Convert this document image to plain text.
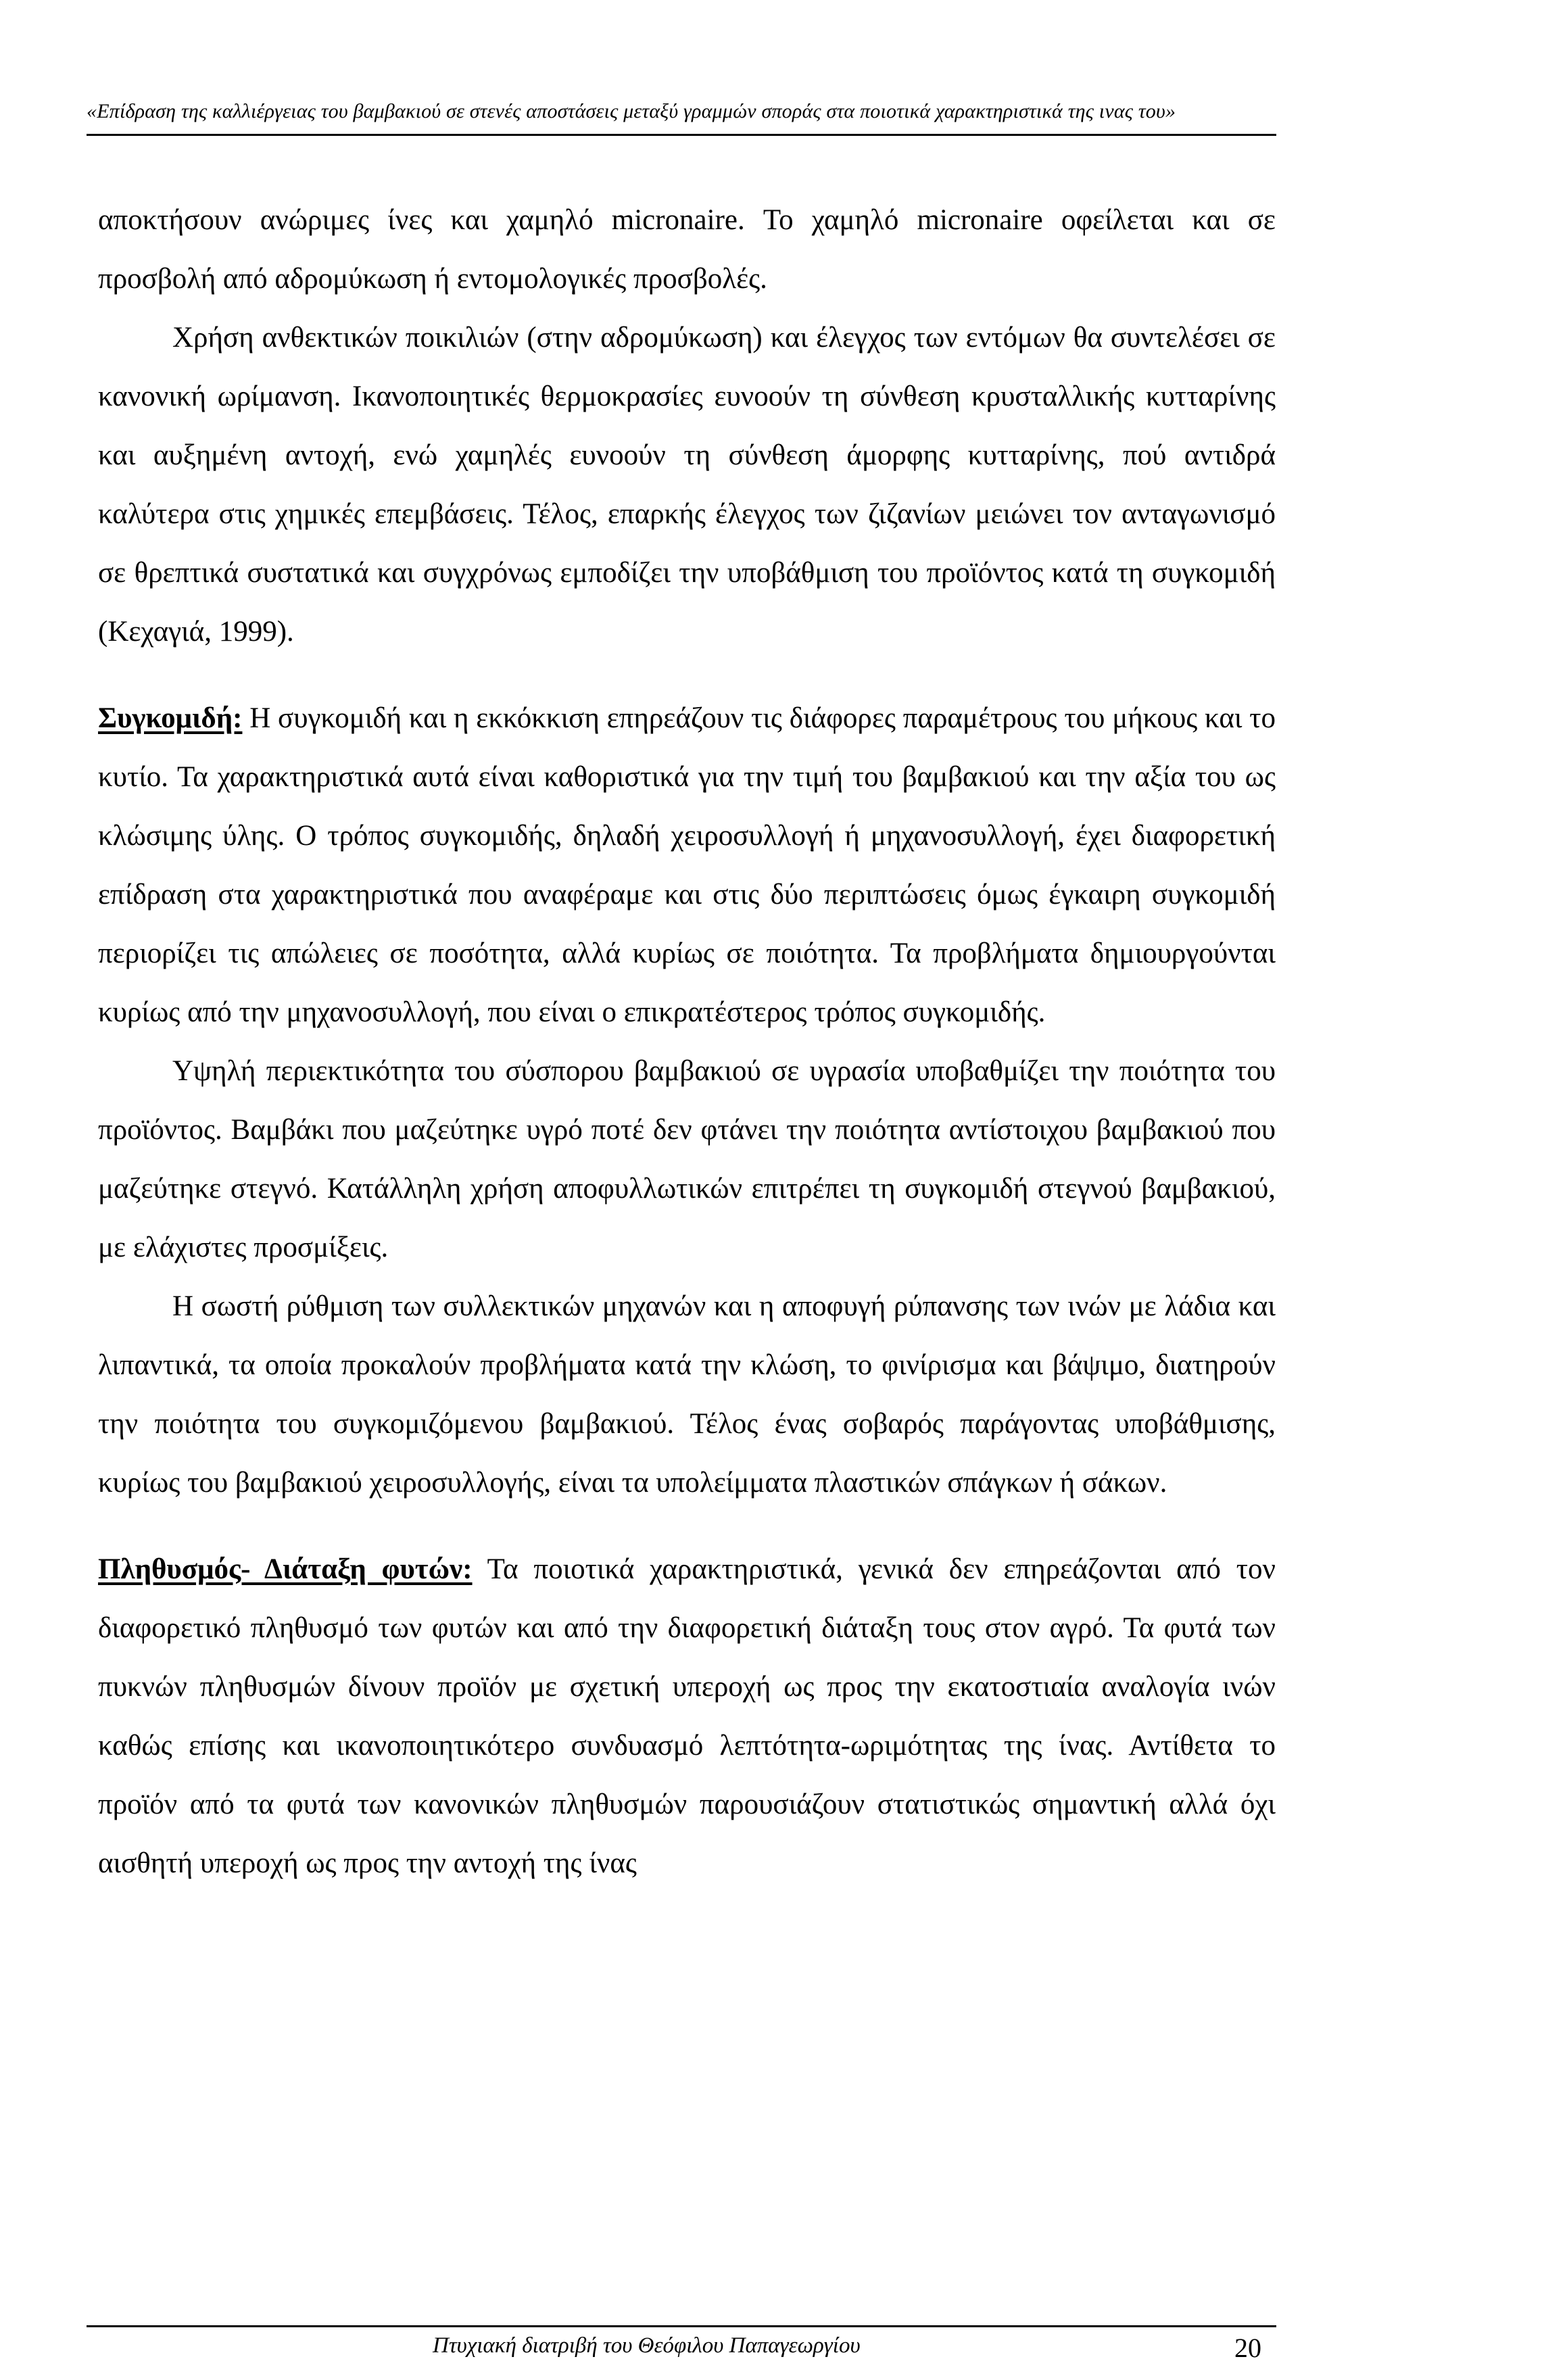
«Επίδραση της καλλιέργειας του βαμβακιού σε στενές αποστάσεις μεταξύ γραμμών σποράς στα ποιοτικά χαρακτηριστικά της ινας του»

αποκτήσουν ανώριμες ίνες και χαμηλό micronaire. Το χαμηλό micronaire οφείλεται και σε προσβολή από αδρομύκωση ή εντομολογικές προσβολές.

Χρήση ανθεκτικών ποικιλιών (στην αδρομύκωση) και έλεγχος των εντόμων θα συντελέσει σε κανονική ωρίμανση. Ικανοποιητικές θερμοκρασίες ευνοούν τη σύνθεση κρυσταλλικής κυτταρίνης και αυξημένη αντοχή, ενώ χαμηλές ευνοούν τη σύνθεση άμορφης κυτταρίνης, πού αντιδρά καλύτερα στις χημικές επεμβάσεις. Τέλος, επαρκής έλεγχος των ζιζανίων μειώνει τον ανταγωνισμό σε θρεπτικά συστατικά και συγχρόνως εμποδίζει την υποβάθμιση του προϊόντος κατά τη συγκομιδή (Κεχαγιά, 1999).

Συγκομιδή: Η συγκομιδή και η εκκόκκιση επηρεάζουν τις διάφορες παραμέτρους του μήκους και το κυτίο. Τα χαρακτηριστικά αυτά είναι καθοριστικά για την τιμή του βαμβακιού και την αξία του ως κλώσιμης ύλης. Ο τρόπος συγκομιδής, δηλαδή χειροσυλλογή ή μηχανοσυλλογή, έχει διαφορετική επίδραση στα χαρακτηριστικά που αναφέραμε και στις δύο περιπτώσεις όμως έγκαιρη συγκομιδή περιορίζει τις απώλειες σε ποσότητα, αλλά κυρίως σε ποιότητα. Τα προβλήματα δημιουργούνται κυρίως από την μηχανοσυλλογή, που είναι ο επικρατέστερος τρόπος συγκομιδής.

Υψηλή περιεκτικότητα του σύσπορου βαμβακιού σε υγρασία υποβαθμίζει την ποιότητα του προϊόντος. Βαμβάκι που μαζεύτηκε υγρό ποτέ δεν φτάνει την ποιότητα αντίστοιχου βαμβακιού που μαζεύτηκε στεγνό. Κατάλληλη χρήση αποφυλλωτικών επιτρέπει τη συγκομιδή στεγνού βαμβακιού, με ελάχιστες προσμίξεις.

Η σωστή ρύθμιση των συλλεκτικών μηχανών και η αποφυγή ρύπανσης των ινών με λάδια και λιπαντικά, τα οποία προκαλούν προβλήματα κατά την κλώση, το φινίρισμα και βάψιμο, διατηρούν την ποιότητα του συγκομιζόμενου βαμβακιού. Τέλος ένας σοβαρός παράγοντας υποβάθμισης, κυρίως του βαμβακιού χειροσυλλογής, είναι τα υπολείμματα πλαστικών σπάγκων ή σάκων.

Πληθυσμός- Διάταξη φυτών: Τα ποιοτικά χαρακτηριστικά, γενικά δεν επηρεάζονται από τον διαφορετικό πληθυσμό των φυτών και από την διαφορετική διάταξη τους στον αγρό. Τα φυτά των πυκνών πληθυσμών δίνουν προϊόν με σχετική υπεροχή ως προς την εκατοστιαία αναλογία ινών καθώς επίσης και ικανοποιητικότερο συνδυασμό λεπτότητα-ωριμότητας της ίνας. Αντίθετα το προϊόν από τα φυτά των κανονικών πληθυσμών παρουσιάζουν στατιστικώς σημαντική αλλά όχι αισθητή υπεροχή ως προς την αντοχή της ίνας

Πτυχιακή διατριβή του Θεόφιλου Παπαγεωργίου	20
